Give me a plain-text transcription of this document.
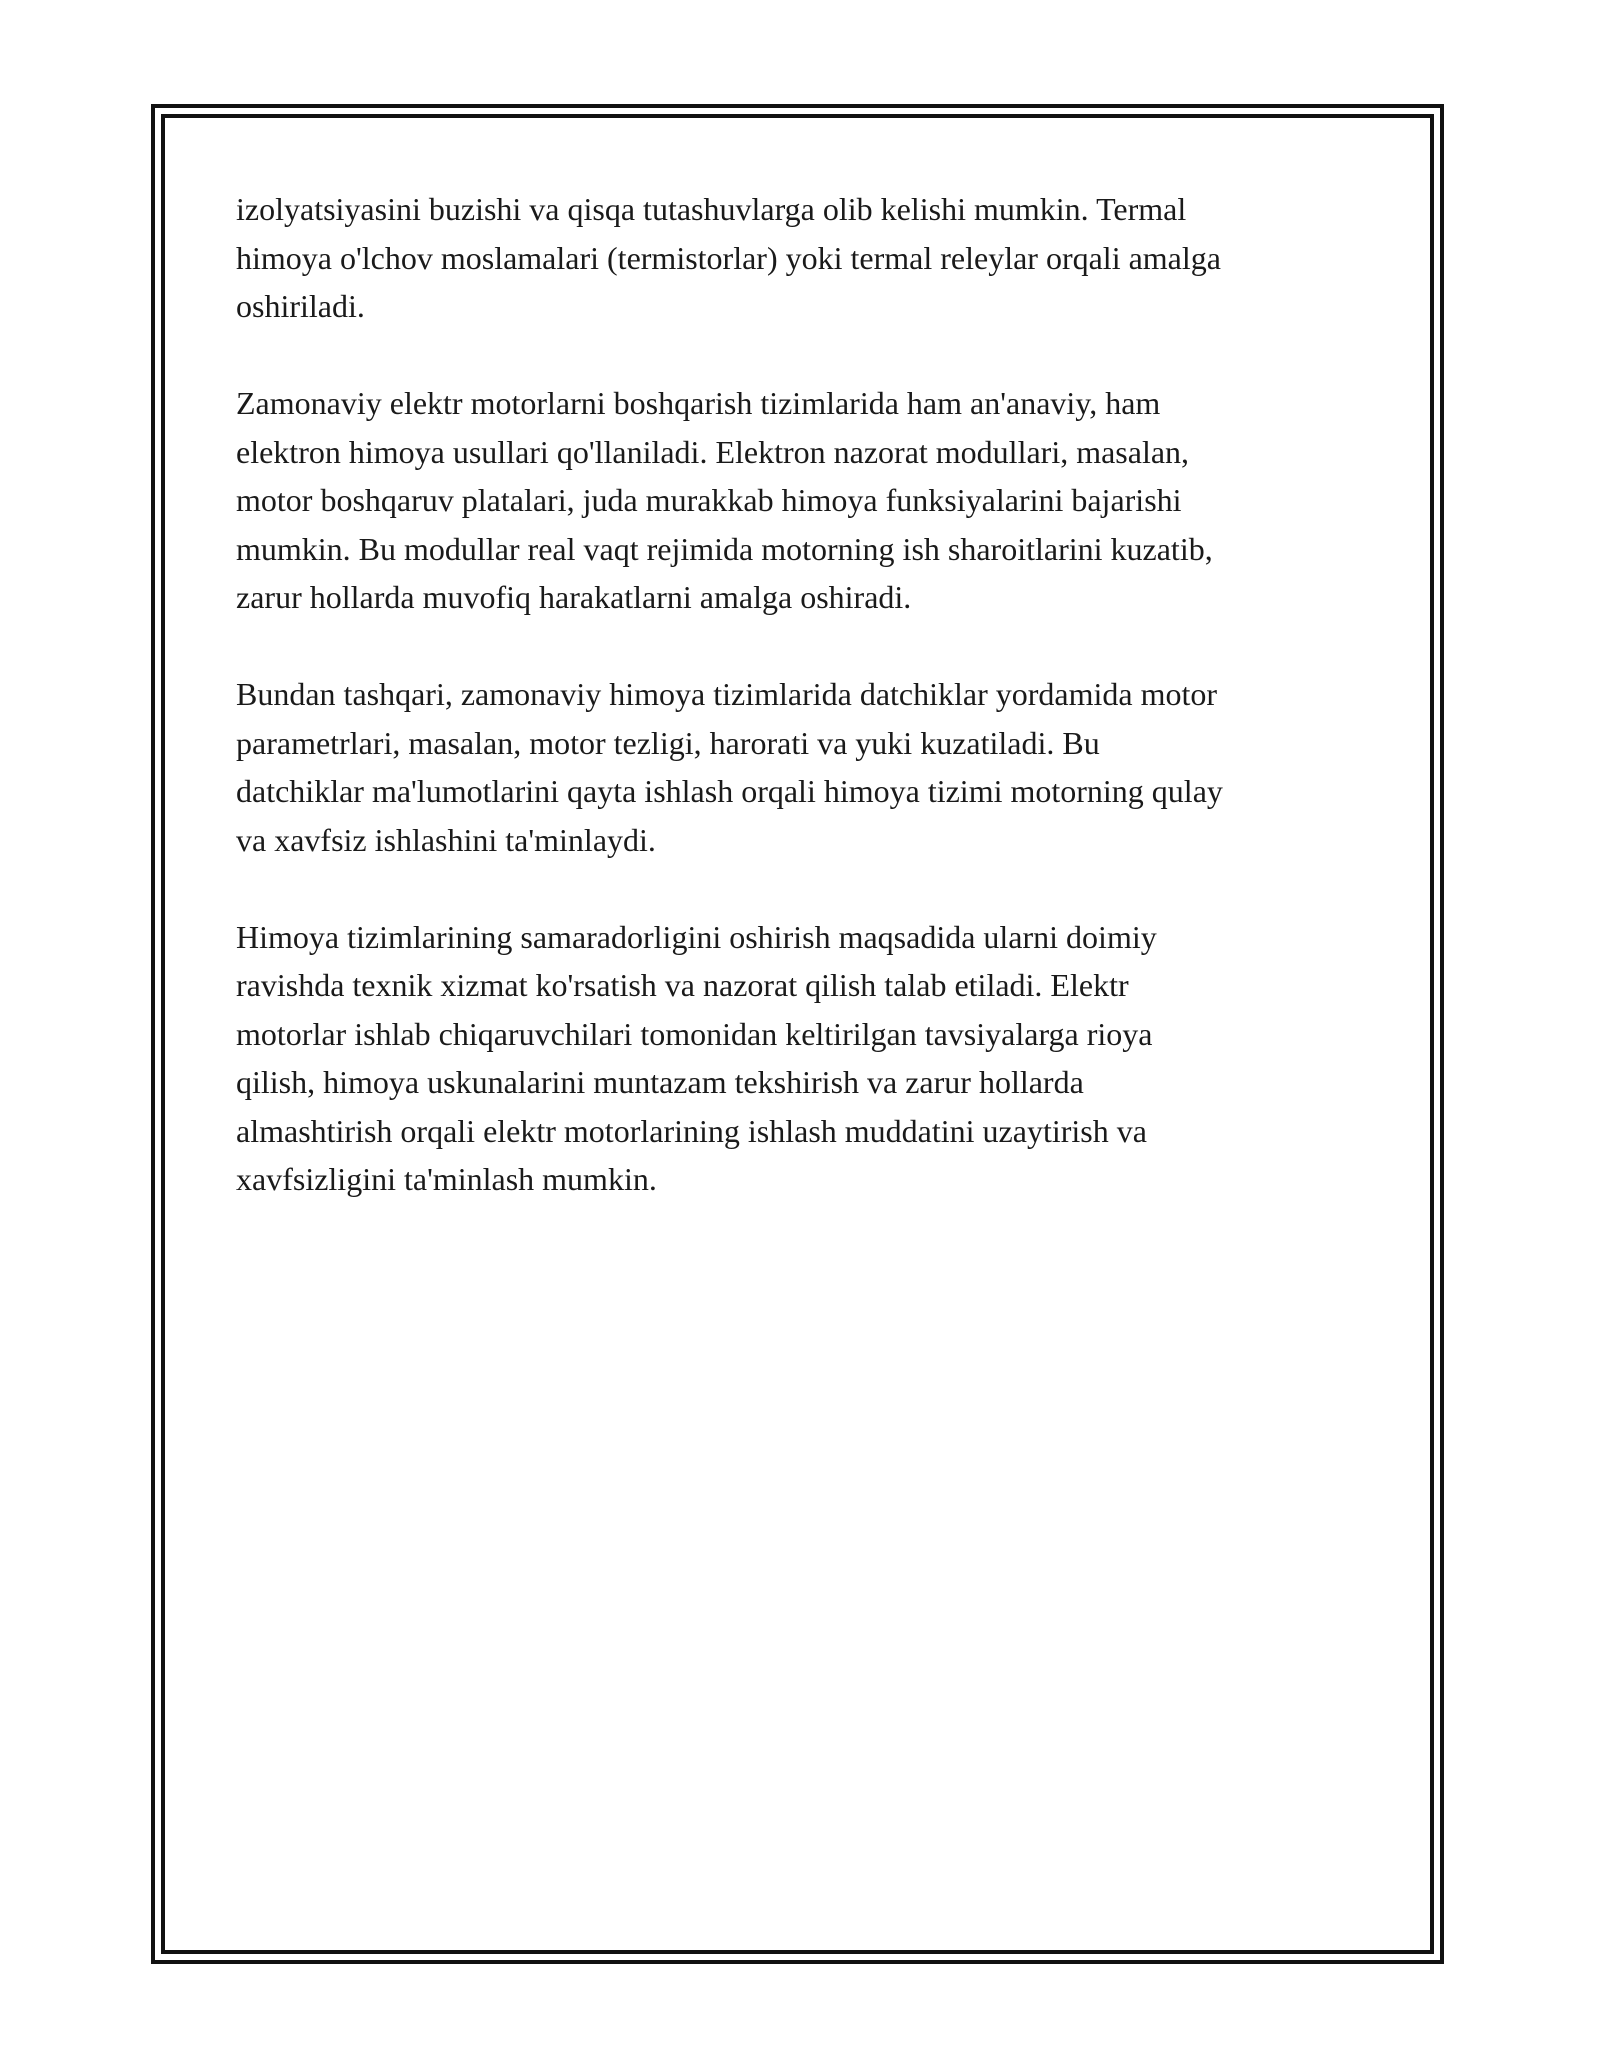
izolyatsiyasini buzishi va qisqa tutashuvlarga olib kelishi mumkin. Termal
himoya o'lchov moslamalari (termistorlar) yoki termal releylar orqali amalga
oshiriladi.

Zamonaviy elektr motorlarni boshqarish tizimlarida ham an'anaviy, ham
elektron himoya usullari qo'llaniladi. Elektron nazorat modullari, masalan,
motor boshqaruv platalari, juda murakkab himoya funksiyalarini bajarishi
mumkin. Bu modullar real vaqt rejimida motorning ish sharoitlarini kuzatib,
zarur hollarda muvofiq harakatlarni amalga oshiradi.

Bundan tashqari, zamonaviy himoya tizimlarida datchiklar yordamida motor
parametrlari, masalan, motor tezligi, harorati va yuki kuzatiladi. Bu
datchiklar ma'lumotlarini qayta ishlash orqali himoya tizimi motorning qulay
va xavfsiz ishlashini ta'minlaydi.

Himoya tizimlarining samaradorligini oshirish maqsadida ularni doimiy
ravishda texnik xizmat ko'rsatish va nazorat qilish talab etiladi. Elektr
motorlar ishlab chiqaruvchilari tomonidan keltirilgan tavsiyalarga rioya
qilish, himoya uskunalarini muntazam tekshirish va zarur hollarda
almashtirish orqali elektr motorlarining ishlash muddatini uzaytirish va
xavfsizligini ta'minlash mumkin.
